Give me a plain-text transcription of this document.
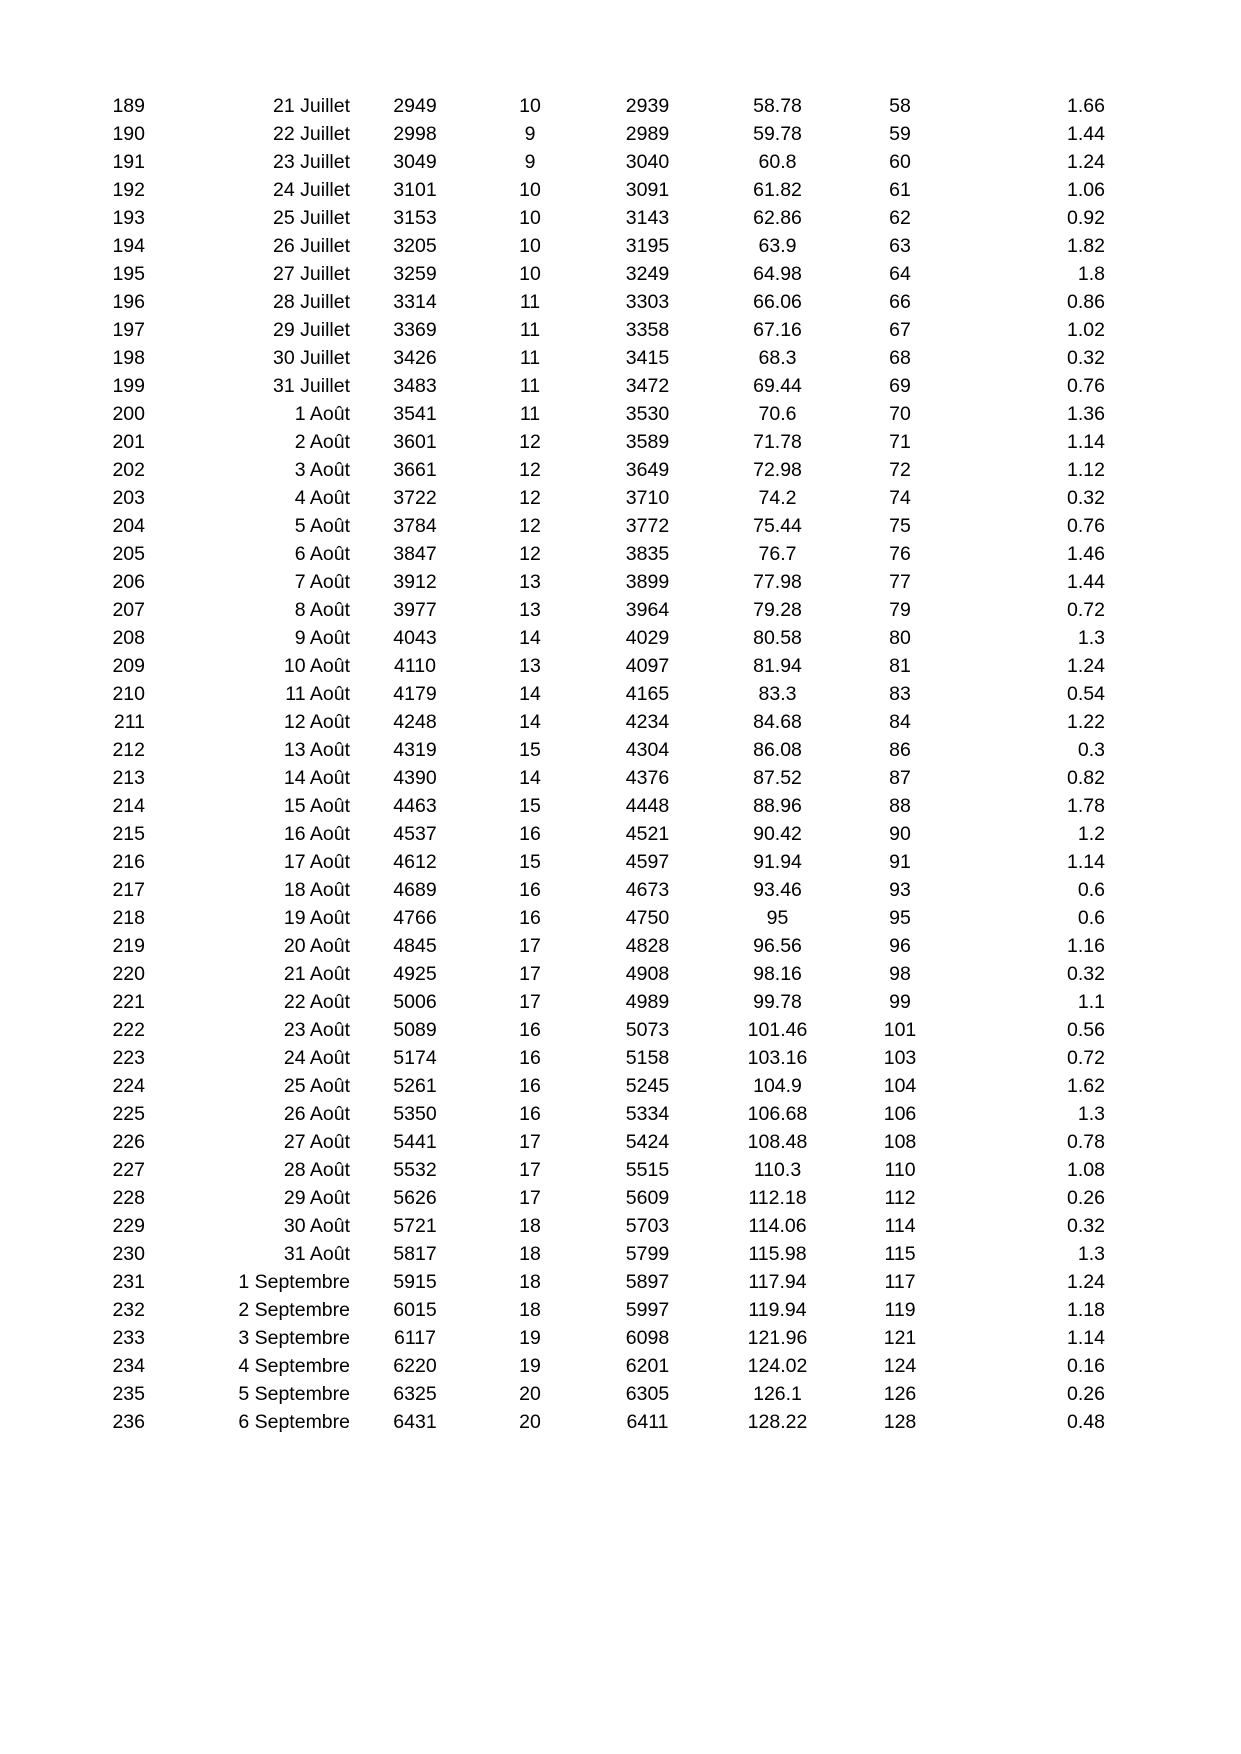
189	21 Juillet	2949	10	2939	58.78	58	1.66	
190	22 Juillet	2998	9	2989	59.78	59	1.44	
191	23 Juillet	3049	9	3040	60.8	60	1.24	
192	24 Juillet	3101	10	3091	61.82	61	1.06	
193	25 Juillet	3153	10	3143	62.86	62	0.92	
194	26 Juillet	3205	10	3195	63.9	63	1.82	
195	27 Juillet	3259	10	3249	64.98	64	1.8	
196	28 Juillet	3314	11	3303	66.06	66	0.86	
197	29 Juillet	3369	11	3358	67.16	67	1.02	
198	30 Juillet	3426	11	3415	68.3	68	0.32	
199	31 Juillet	3483	11	3472	69.44	69	0.76	
200	1 Août	3541	11	3530	70.6	70	1.36	
201	2 Août	3601	12	3589	71.78	71	1.14	
202	3 Août	3661	12	3649	72.98	72	1.12	
203	4 Août	3722	12	3710	74.2	74	0.32	
204	5 Août	3784	12	3772	75.44	75	0.76	
205	6 Août	3847	12	3835	76.7	76	1.46	
206	7 Août	3912	13	3899	77.98	77	1.44	
207	8 Août	3977	13	3964	79.28	79	0.72	
208	9 Août	4043	14	4029	80.58	80	1.3	
209	10 Août	4110	13	4097	81.94	81	1.24	
210	11 Août	4179	14	4165	83.3	83	0.54	
211	12 Août	4248	14	4234	84.68	84	1.22	
212	13 Août	4319	15	4304	86.08	86	0.3	
213	14 Août	4390	14	4376	87.52	87	0.82	
214	15 Août	4463	15	4448	88.96	88	1.78	
215	16 Août	4537	16	4521	90.42	90	1.2	
216	17 Août	4612	15	4597	91.94	91	1.14	
217	18 Août	4689	16	4673	93.46	93	0.6	
218	19 Août	4766	16	4750	95	95	0.6	
219	20 Août	4845	17	4828	96.56	96	1.16	
220	21 Août	4925	17	4908	98.16	98	0.32	
221	22 Août	5006	17	4989	99.78	99	1.1	
222	23 Août	5089	16	5073	101.46	101	0.56	
223	24 Août	5174	16	5158	103.16	103	0.72	
224	25 Août	5261	16	5245	104.9	104	1.62	
225	26 Août	5350	16	5334	106.68	106	1.3	
226	27 Août	5441	17	5424	108.48	108	0.78	
227	28 Août	5532	17	5515	110.3	110	1.08	
228	29 Août	5626	17	5609	112.18	112	0.26	
229	30 Août	5721	18	5703	114.06	114	0.32	
230	31 Août	5817	18	5799	115.98	115	1.3	
231	1 Septembre	5915	18	5897	117.94	117	1.24	
232	2 Septembre	6015	18	5997	119.94	119	1.18	
233	3 Septembre	6117	19	6098	121.96	121	1.14	
234	4 Septembre	6220	19	6201	124.02	124	0.16	
235	5 Septembre	6325	20	6305	126.1	126	0.26	
236	6 Septembre	6431	20	6411	128.22	128	0.48	
